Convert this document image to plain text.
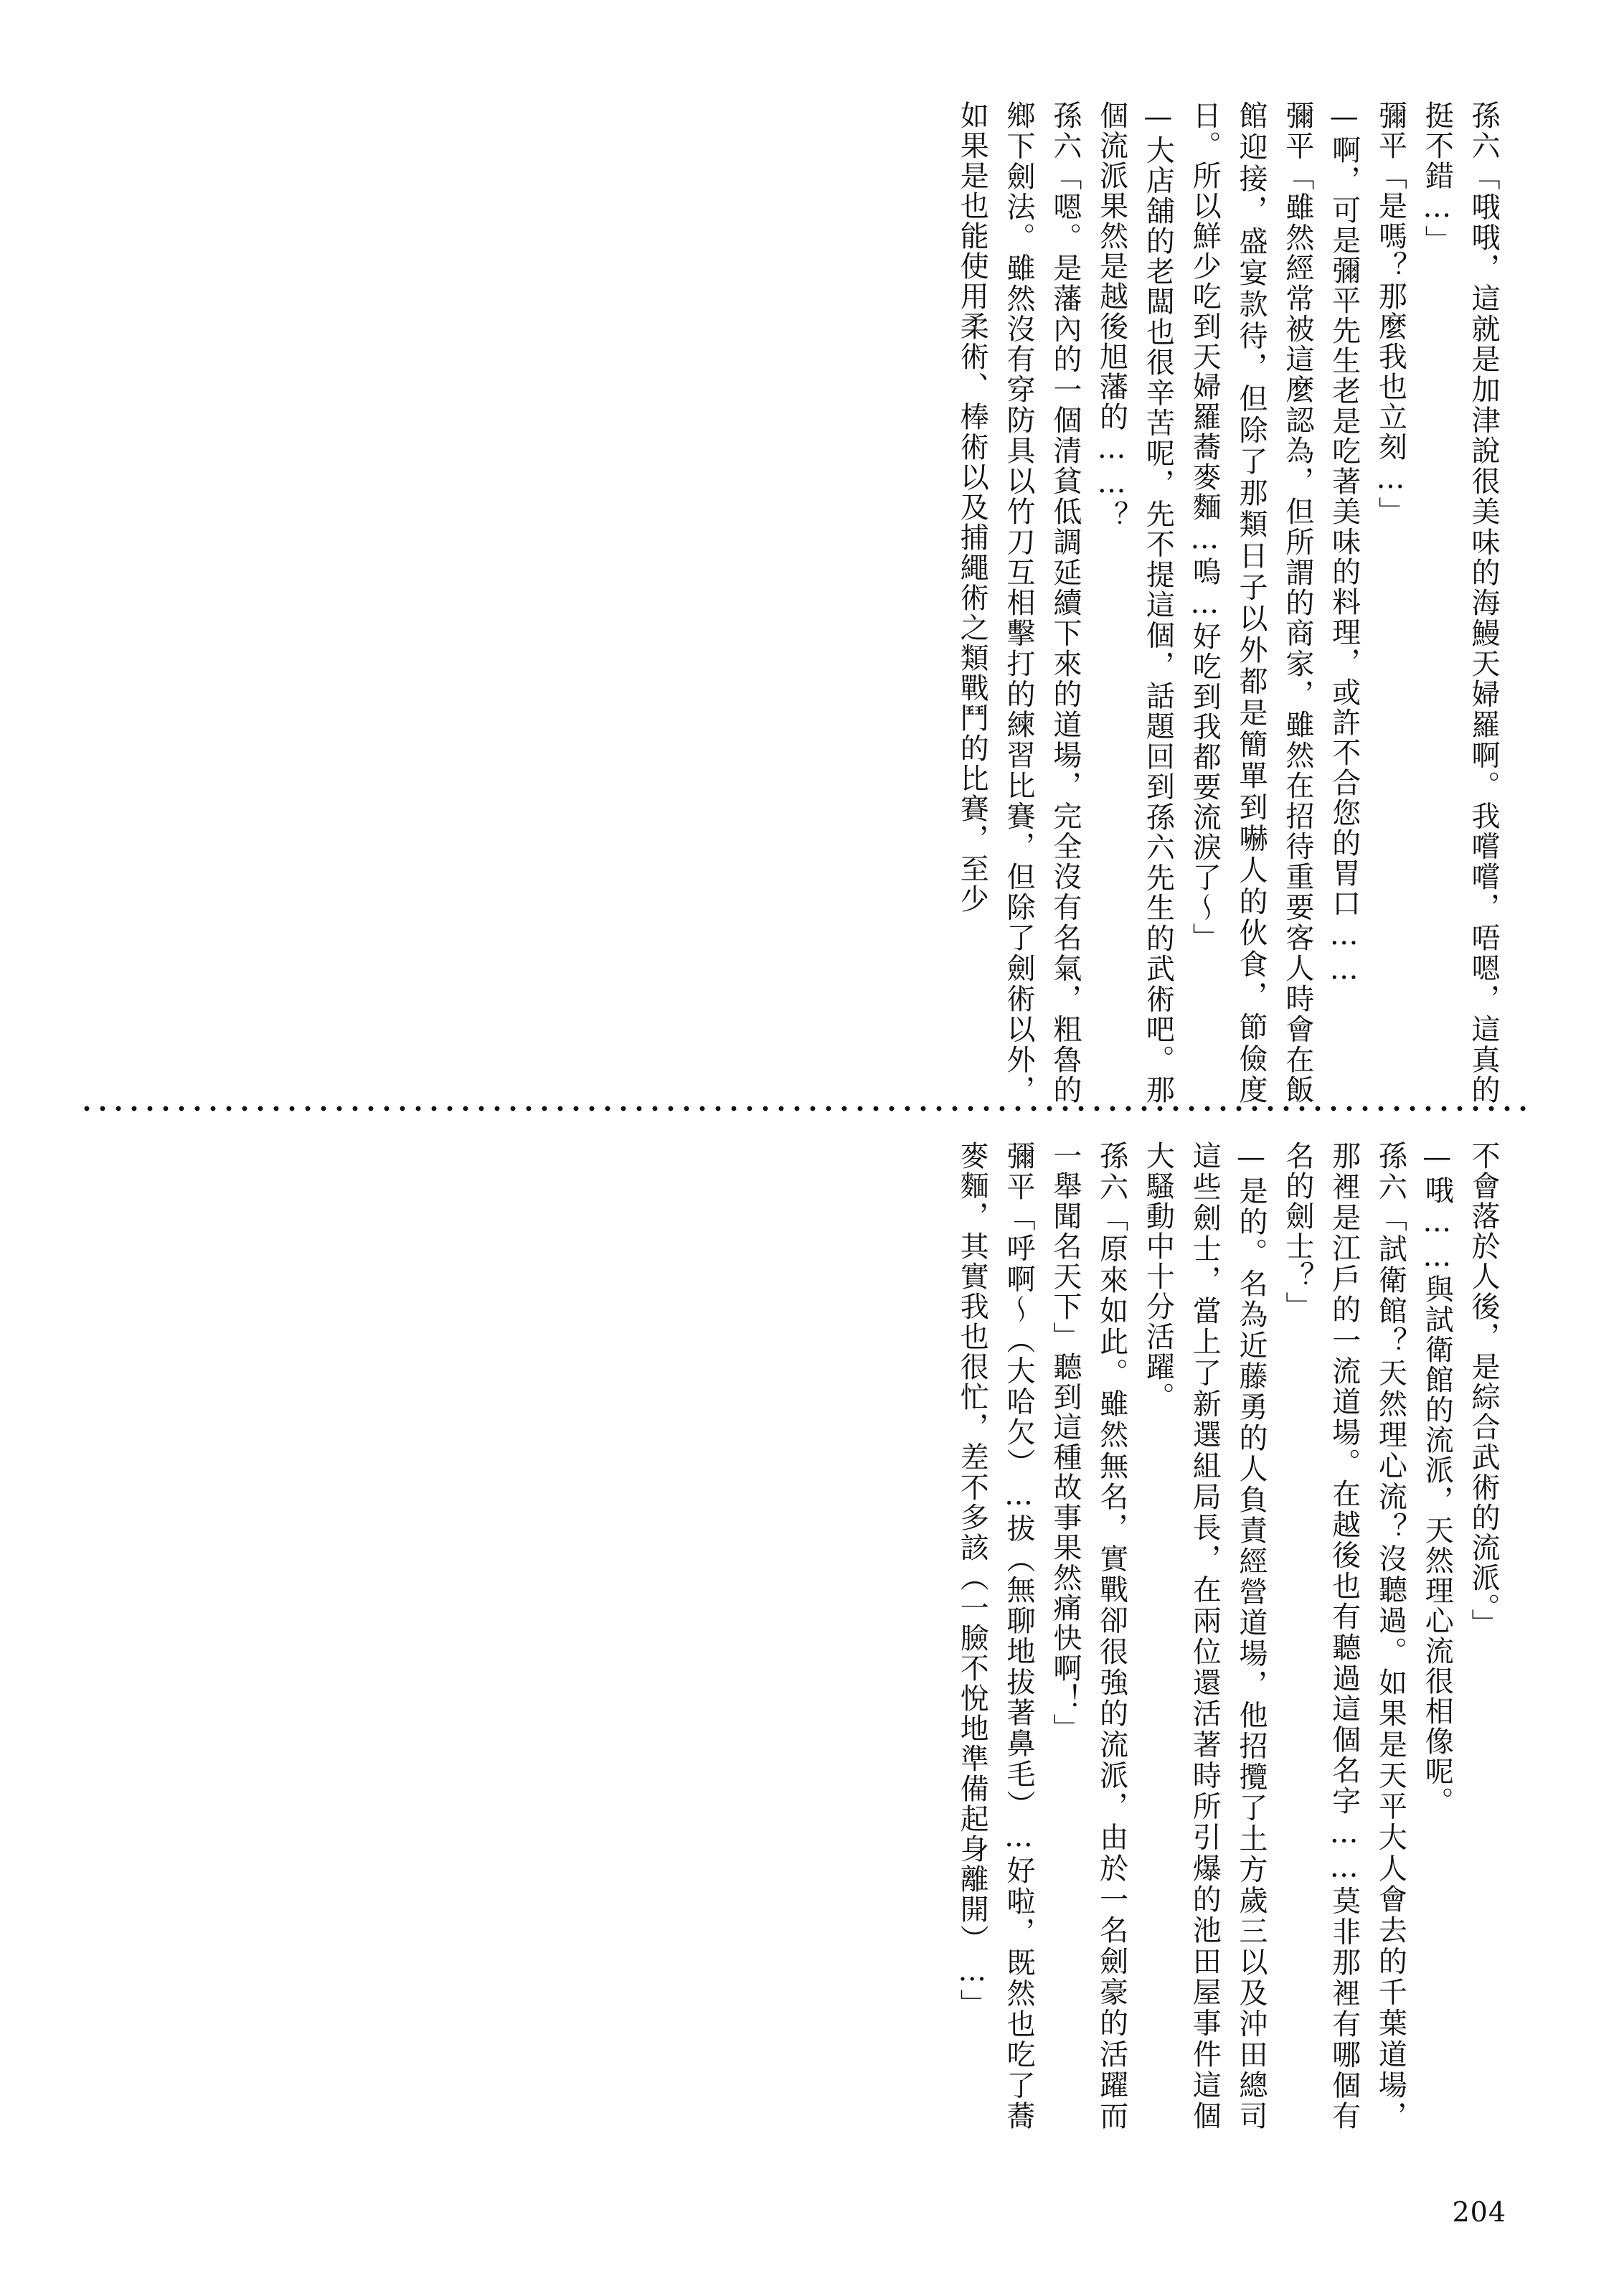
孫六「哦哦，這就是加津說很美味的海鰻天婦羅啊。我嚐嚐，唔嗯，這真的挺不錯…」

彌平「是嗎？那麼我也立刻…」

—啊，可是彌平先生老是吃著美味的料理，或許不合您的胃口……

彌平「雖然經常被這麼認為，但所謂的商家，雖然在招待重要客人時會在飯館迎接，盛宴款待，但除了那類日子以外都是簡單到嚇人的伙食，節儉度日。所以鮮少吃到天婦羅蕎麥麵…嗚…好吃到我都要流淚了～」

—大店舖的老闆也很辛苦呢，先不提這個，話題回到孫六先生的武術吧。那個流派果然是越後旭藩的……？

孫六「嗯。是藩內的一個清貧低調延續下來的道場，完全沒有名氣，粗魯的鄉下劍法。雖然沒有穿防具以竹刀互相擊打的練習比賽，但除了劍術以外，如果是也能使用柔術、棒術以及捕繩術之類戰鬥的比賽，至少

不會落於人後，是綜合武術的流派。」

—哦……與試衛館的流派，天然理心流很相像呢。

孫六「試衛館？天然理心流？沒聽過。如果是天平大人會去的千葉道場，那裡是江戶的一流道場。在越後也有聽過這個名字……莫非那裡有哪個有名的劍士？」

—是的。名為近藤勇的人負責經營道場，他招攬了土方歲三以及沖田總司這些劍士，當上了新選組局長，在兩位還活著時所引爆的池田屋事件這個大騷動中十分活躍。

孫六「原來如此。雖然無名，實戰卻很強的流派，由於一名劍豪的活躍而一舉聞名天下」聽到這種故事果然痛快啊！」

彌平「呼啊～（大哈欠）…拔（無聊地拔著鼻毛）…好啦，既然也吃了蕎麥麵，其實我也很忙，差不多該（一臉不悅地準備起身離開）…」

204
